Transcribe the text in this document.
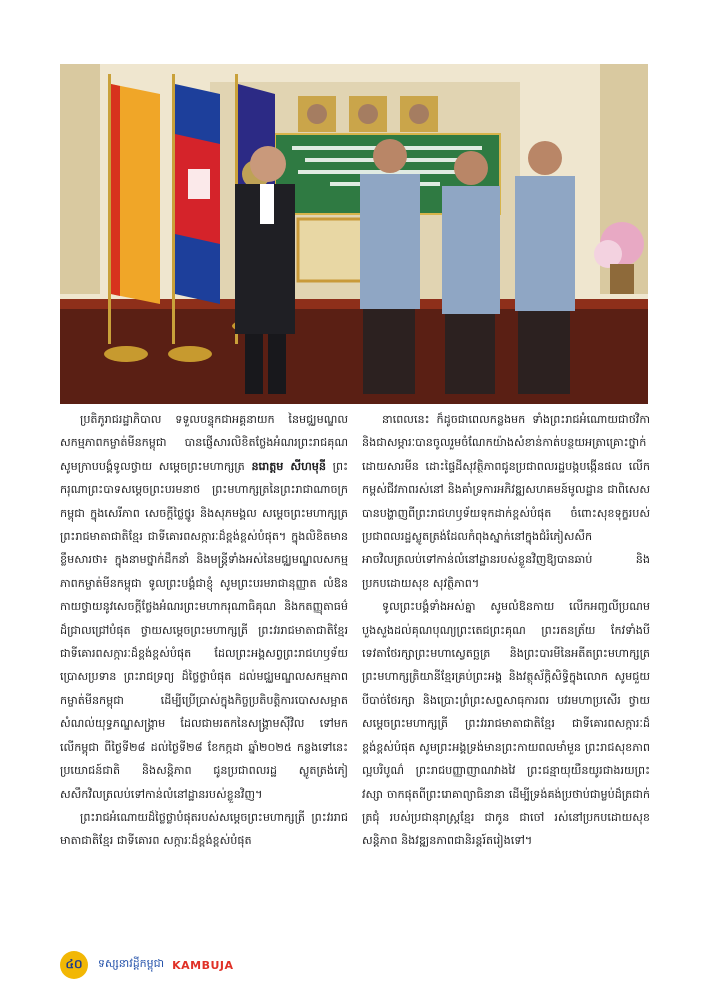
ប្រតិភូរាជរដ្ឋាភិបាល ទទួលបន្ទុកជាអគ្គនាយក នៃមជ្ឈមណ្ឌលសកម្មភាពកម្ចាត់មីនកម្ពុជា បានផ្ញើសារលិខិតថ្លែងអំណរព្រះរាជគុណ សូមក្រាបបង្គំទូលថ្វាយ សម្ដេចព្រះមហាក្សត្រ នរោត្តម សីហមុនី ព្រះករុណាព្រះបាទសម្ដេចព្រះបរមនាថ ព្រះមហាក្សត្រនៃព្រះរាជាណាចក្រកម្ពុជា ក្នុងសេរីភាព សេចក្ដីថ្លៃថ្នូរ និងសុភមង្គល សម្ដេចព្រះមហាក្សត្រ ព្រះរាជមាតាជាតិខ្មែរ ជាទីគោរពសក្ការៈដ៏ខ្ពង់ខ្ពស់បំផុត។ ក្នុងលិខិតមានខ្លឹមសារថា៖ ក្នុងនាមថ្នាក់ដឹកនាំ និងមន្ត្រីទាំងអស់នៃមជ្ឈមណ្ឌលសកម្មភាពកម្ចាត់មីនកម្ពុជា ទូលព្រះបង្គំជាខ្ញុំ សូមព្រះបរមរាជានុញ្ញាត លំឱនកាយថ្វាយនូវសេចក្ដីថ្លែងអំណរព្រះមហាករុណាធិគុណ និងកតញ្ញុតាធម៌ដ៏ជ្រាលជ្រៅបំផុត ថ្វាយសម្ដេចព្រះមហាក្សត្រី ព្រះវររាជមាតាជាតិខ្មែរ ជាទីគោរពសក្ការៈដ៏ខ្ពង់ខ្ពស់បំផុត ដែលព្រះអង្គសព្វព្រះរាជហឫទ័យប្រោសប្រទាន ព្រះរាជទ្រព្យ ដ៏ថ្លៃថ្លាបំផុត ដល់មជ្ឈមណ្ឌលសកម្មភាពកម្ចាត់មីនកម្ពុជា ដើម្បីប្រើប្រាស់ក្នុងកិច្ចប្រតិបត្តិការបោសសម្អាតសំណល់យុទ្ធភណ្ឌសង្គ្រាម ដែលជាមរតកនៃសង្គ្រាមស៊ីវិល ទៅមកលើកម្ពុជា ពីថ្ងៃទី២៨ ដល់ថ្ងៃទី២៨ ខែកក្កដា ឆ្នាំ២០២៥ កន្លងទៅនេះ ប្រយោជន៍ជាតិ និងសន្តិភាព ជូនប្រជាពលរដ្ឋ ស្លូតត្រង់ភៀសសឹកវិលត្រលប់ទៅកាន់លំនៅដ្ឋានរបស់ខ្លួនវិញ។

ព្រះរាជអំណោយដ៏ថ្លៃថ្លាបំផុតរបស់សម្ដេចព្រះមហាក្សត្រី ព្រះវររាជមាតាជាតិខ្មែរ ជាទីគោរព សក្ការៈដ៏ខ្ពង់ខ្ពស់បំផុត

នាពេលនេះ ក៏ដូចជាពេលកន្លងមក ទាំងព្រះរាជអំណោយជាថវិកា និងជាសម្ភារៈបានចូលរួមចំណែកយ៉ាងសំខាន់កាត់បន្ថយអត្រាគ្រោះថ្នាក់ដោយសារមីន ដោះផ្ទៃដីសុវត្ថិភាពជូនប្រជាពលរដ្ឋបង្កបង្កើនផល លើកកម្ពស់ជីវភាពរស់នៅ និងគាំទ្រការអភិវឌ្ឍសហគមន៍មូលដ្ឋាន ជាពិសេសបានបង្ហាញពីព្រះរាជហឫទ័យទុកដាក់ខ្ពស់បំផុត ចំពោះសុខទុក្ខរបស់ប្រជាពលរដ្ឋស្លូតត្រង់ដែលកំពុងស្នាក់នៅក្នុងជំរំភៀសសឹក អាចវិលត្រលប់ទៅកាន់លំនៅដ្ឋានរបស់ខ្លួនវិញឱ្យបានឆាប់ និងប្រកបដោយសុខ សុវត្ថិភាព។

ទូលព្រះបង្គំទាំងអស់គ្នា សូមលំឱនកាយ លើកអញ្ជលីប្រណមបួងសួងដល់គុណបុណ្យព្រះតេជព្រះគុណ ព្រះរតនត្រ័យ កែវទាំងបី ទេវតាថែរក្សាព្រះមហាស្វេតច្ឆត្រ និងព្រះបារមីនៃអតីតព្រះមហាក្សត្រ ព្រះមហាក្សត្រិយានីខ្មែរគ្រប់ព្រះអង្គ និងវត្ថុស័ក្តិសិទ្ធិក្នុងលោក សូមជួយបីបាច់ថែរក្សា និងប្រោះព្រំព្រះសព្ទសាធុការពរ បវរមហាប្រសើរ ថ្វាយ សម្ដេចព្រះមហាក្សត្រី ព្រះវររាជមាតាជាតិខ្មែរ ជាទីគោរពសក្ការៈដ៏ខ្ពង់ខ្ពស់បំផុត សូមព្រះអង្គទ្រង់មានព្រះកាយពលមាំមួន ព្រះរាជសុខភាពល្អបរិបូណ៌ ព្រះរាជបញ្ញាញាណវាងវៃ ព្រះជន្មាយុយឺនយូរជាងរយព្រះវស្សា ចាកផុតពីព្រះរោគាព្យាធិនានា ដើម្បីទ្រង់គង់ប្រថាប់ជាម្លប់ដ៏ត្រជាក់ត្រជុំ របស់ប្រជានុរាស្ត្រខ្មែរ ជាកូន ជាចៅ រស់នៅប្រកបដោយសុខសន្តិភាព និងវឌ្ឍនភាពជានិរន្តរ៍តរៀងទៅ។

៤០	ទស្សនាវដ្ដីកម្ពុជា KAMBUJA
